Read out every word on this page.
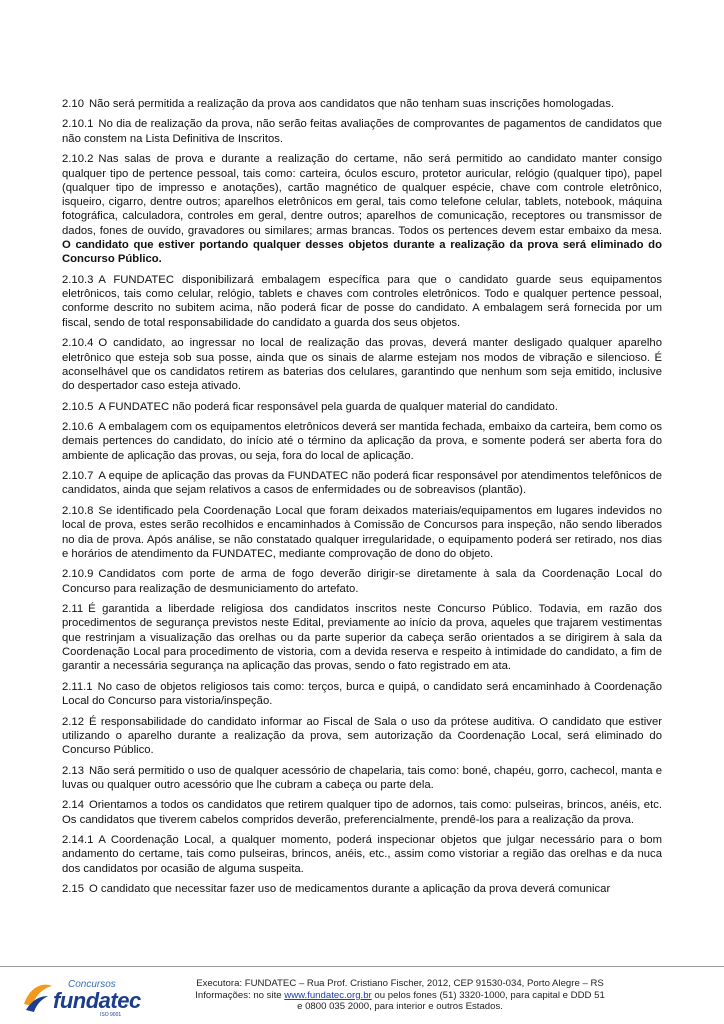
2.10 Não será permitida a realização da prova aos candidatos que não tenham suas inscrições homologadas.

2.10.1 No dia de realização da prova, não serão feitas avaliações de comprovantes de pagamentos de candidatos que não constem na Lista Definitiva de Inscritos.

2.10.2 Nas salas de prova e durante a realização do certame, não será permitido ao candidato manter consigo qualquer tipo de pertence pessoal, tais como: carteira, óculos escuro, protetor auricular, relógio (qualquer tipo), papel (qualquer tipo de impresso e anotações), cartão magnético de qualquer espécie, chave com controle eletrônico, isqueiro, cigarro, dentre outros; aparelhos eletrônicos em geral, tais como telefone celular, tablets, notebook, máquina fotográfica, calculadora, controles em geral, dentre outros; aparelhos de comunicação, receptores ou transmissor de dados, fones de ouvido, gravadores ou similares; armas brancas. Todos os pertences devem estar embaixo da mesa. O candidato que estiver portando qualquer desses objetos durante a realização da prova será eliminado do Concurso Público.

2.10.3 A FUNDATEC disponibilizará embalagem específica para que o candidato guarde seus equipamentos eletrônicos, tais como celular, relógio, tablets e chaves com controles eletrônicos. Todo e qualquer pertence pessoal, conforme descrito no subitem acima, não poderá ficar de posse do candidato. A embalagem será fornecida por um fiscal, sendo de total responsabilidade do candidato a guarda dos seus objetos.

2.10.4 O candidato, ao ingressar no local de realização das provas, deverá manter desligado qualquer aparelho eletrônico que esteja sob sua posse, ainda que os sinais de alarme estejam nos modos de vibração e silencioso. É aconselhável que os candidatos retirem as baterias dos celulares, garantindo que nenhum som seja emitido, inclusive do despertador caso esteja ativado.

2.10.5 A FUNDATEC não poderá ficar responsável pela guarda de qualquer material do candidato.

2.10.6 A embalagem com os equipamentos eletrônicos deverá ser mantida fechada, embaixo da carteira, bem como os demais pertences do candidato, do início até o término da aplicação da prova, e somente poderá ser aberta fora do ambiente de aplicação das provas, ou seja, fora do local de aplicação.

2.10.7 A equipe de aplicação das provas da FUNDATEC não poderá ficar responsável por atendimentos telefônicos de candidatos, ainda que sejam relativos a casos de enfermidades ou de sobreavisos (plantão).

2.10.8 Se identificado pela Coordenação Local que foram deixados materiais/equipamentos em lugares indevidos no local de prova, estes serão recolhidos e encaminhados à Comissão de Concursos para inspeção, não sendo liberados no dia de prova. Após análise, se não constatado qualquer irregularidade, o equipamento poderá ser retirado, nos dias e horários de atendimento da FUNDATEC, mediante comprovação de dono do objeto.

2.10.9 Candidatos com porte de arma de fogo deverão dirigir-se diretamente à sala da Coordenação Local do Concurso para realização de desmuniciamento do artefato.

2.11 É garantida a liberdade religiosa dos candidatos inscritos neste Concurso Público. Todavia, em razão dos procedimentos de segurança previstos neste Edital, previamente ao início da prova, aqueles que trajarem vestimentas que restrinjam a visualização das orelhas ou da parte superior da cabeça serão orientados a se dirigirem à sala da Coordenação Local para procedimento de vistoria, com a devida reserva e respeito à intimidade do candidato, a fim de garantir a necessária segurança na aplicação das provas, sendo o fato registrado em ata.

2.11.1 No caso de objetos religiosos tais como: terços, burca e quipá, o candidato será encaminhado à Coordenação Local do Concurso para vistoria/inspeção.

2.12 É responsabilidade do candidato informar ao Fiscal de Sala o uso da prótese auditiva. O candidato que estiver utilizando o aparelho durante a realização da prova, sem autorização da Coordenação Local, será eliminado do Concurso Público.

2.13 Não será permitido o uso de qualquer acessório de chapelaria, tais como: boné, chapéu, gorro, cachecol, manta e luvas ou qualquer outro acessório que lhe cubram a cabeça ou parte dela.

2.14 Orientamos a todos os candidatos que retirem qualquer tipo de adornos, tais como: pulseiras, brincos, anéis, etc. Os candidatos que tiverem cabelos compridos deverão, preferencialmente, prendê-los para a realização da prova.

2.14.1 A Coordenação Local, a qualquer momento, poderá inspecionar objetos que julgar necessário para o bom andamento do certame, tais como pulseiras, brincos, anéis, etc., assim como vistoriar a região das orelhas e da nuca dos candidatos por ocasião de alguma suspeita.

2.15 O candidato que necessitar fazer uso de medicamentos durante a aplicação da prova deverá comunicar

Concursos
fundatec
ISO 9001
Executora: FUNDATEC – Rua Prof. Cristiano Fischer, 2012, CEP 91530-034, Porto Alegre – RS
Informações: no site www.fundatec.org.br ou pelos fones (51) 3320-1000, para capital e DDD 51
e 0800 035 2000, para interior e outros Estados.
